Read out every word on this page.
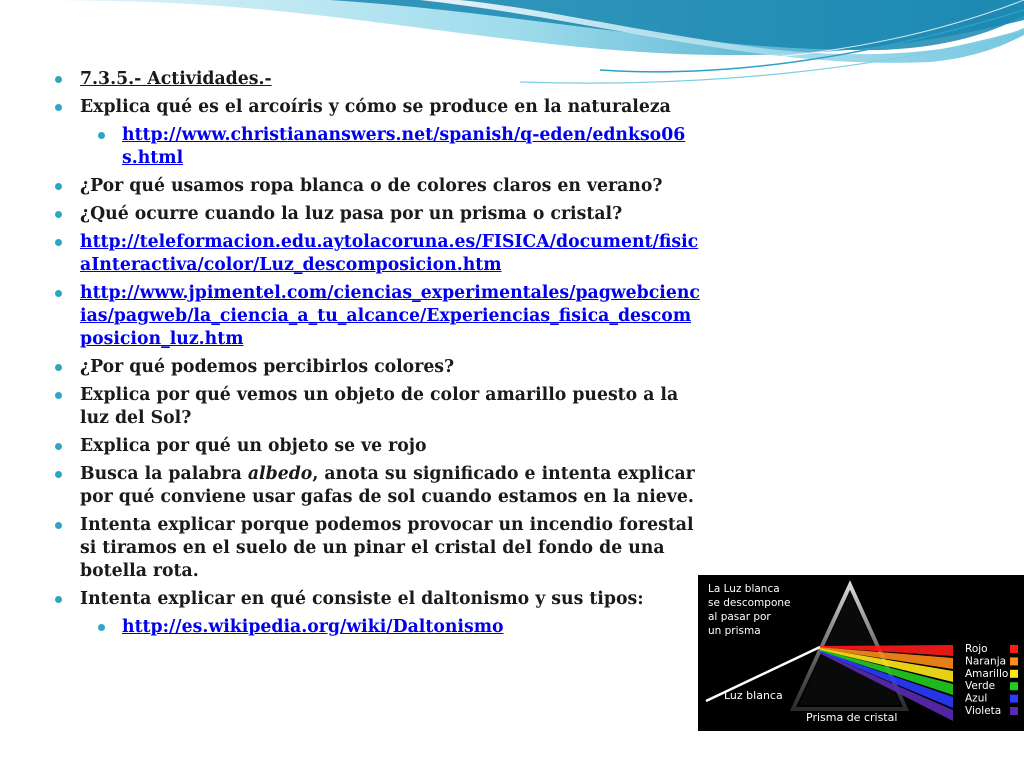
7.3.5.- Actividades.-
Explica qué es el arcoíris y cómo se produce en la naturaleza
http://www.christiananswers.net/spanish/q-eden/ednkso06s.html
¿Por qué usamos ropa blanca o de colores claros en verano?
¿Qué ocurre cuando la luz pasa por un prisma o cristal?
http://teleformacion.edu.aytolacoruna.es/FISICA/document/fisicaInteractiva/color/Luz_descomposicion.htm
http://www.jpimentel.com/ciencias_experimentales/pagwebciencias/pagweb/la_ciencia_a_tu_alcance/Experiencias_fisica_descomposicion_luz.htm
¿Por qué podemos percibirlos colores?
Explica por qué vemos un objeto de color amarillo puesto a la luz del Sol?
Explica por qué un objeto se ve rojo
Busca la palabra albedo, anota su significado e intenta explicar por qué conviene usar gafas de sol cuando estamos en la nieve.
Intenta explicar porque podemos provocar un incendio forestal si tiramos en el suelo de un pinar el cristal del fondo de una botella rota.
Intenta explicar en qué consiste el daltonismo y sus tipos:
http://es.wikipedia.org/wiki/Daltonismo
La Luz blanca
se descompone
al pasar por
un prisma
Luz blanca
Prisma de cristal
Rojo
Naranja
Amarillo
Verde
Azul
Violeta
